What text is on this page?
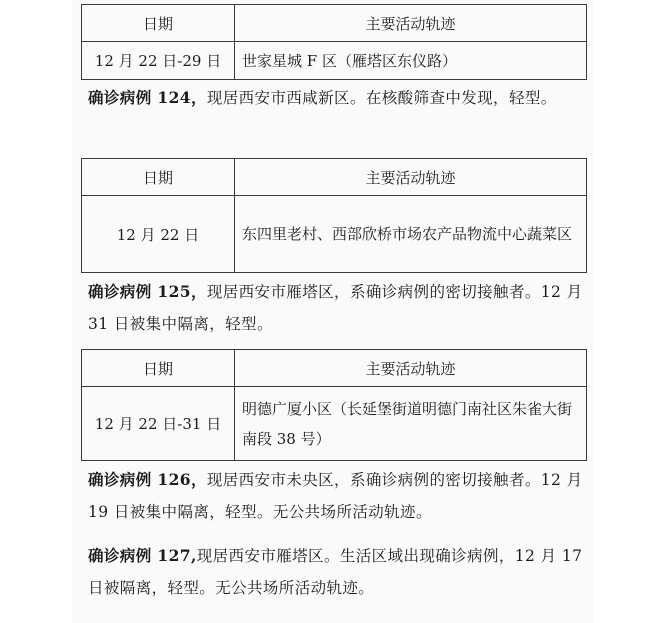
日期	主要活动轨迹
12 月 22 日-29 日	世家星城 F 区（雁塔区东仪路）
确诊病例 124，现居西安市西咸新区。在核酸筛查中发现，轻型。
日期	主要活动轨迹
12 月 22 日	东四里老村、西部欣桥市场农产品物流中心蔬菜区
确诊病例 125，现居西安市雁塔区，系确诊病例的密切接触者。12 月 31 日被集中隔离，轻型。
日期	主要活动轨迹
12 月 22 日-31 日	明德广厦小区（长延堡街道明德门南社区朱雀大街南段 38 号）
确诊病例 126，现居西安市未央区，系确诊病例的密切接触者。12 月 19 日被集中隔离，轻型。无公共场所活动轨迹。
确诊病例 127,现居西安市雁塔区。生活区域出现确诊病例，12 月 17 日被隔离，轻型。无公共场所活动轨迹。
